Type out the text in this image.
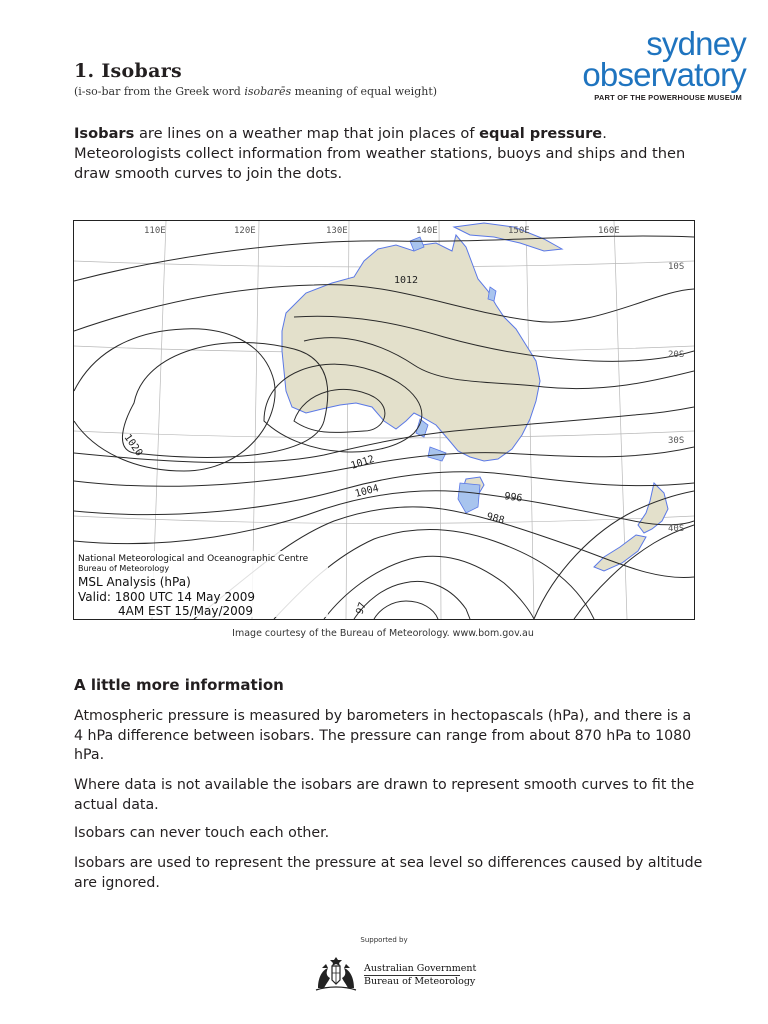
1. Isobars
(i-so-bar from the Greek word isobarēs meaning of equal weight)
sydney
observatory
PART OF THE POWERHOUSE MUSEUM
Isobars are lines on a weather map that join places of equal pressure.
Meteorologists collect information from weather stations, buoys and ships and then draw smooth curves to join the dots.
110E	120E	130E	140E	150E	160E
10S
20S
30S
40S
1012
1020
1012
1004	996
988
97
National Meteorological and Oceanographic Centre
Bureau of Meteorology
MSL Analysis (hPa)
Valid: 1800 UTC 14 May 2009
4AM EST 15/May/2009
Image courtesy of the Bureau of Meteorology. www.bom.gov.au
A little more information
Atmospheric pressure is measured by barometers in hectopascals (hPa), and there is a 4 hPa difference between isobars. The pressure can range from about 870 hPa to 1080 hPa.
Where data is not available the isobars are drawn to represent smooth curves to fit the actual data.
Isobars can never touch each other.
Isobars are used to represent the pressure at sea level so differences caused by altitude are ignored.
Supported by
Australian Government
Bureau of Meteorology
